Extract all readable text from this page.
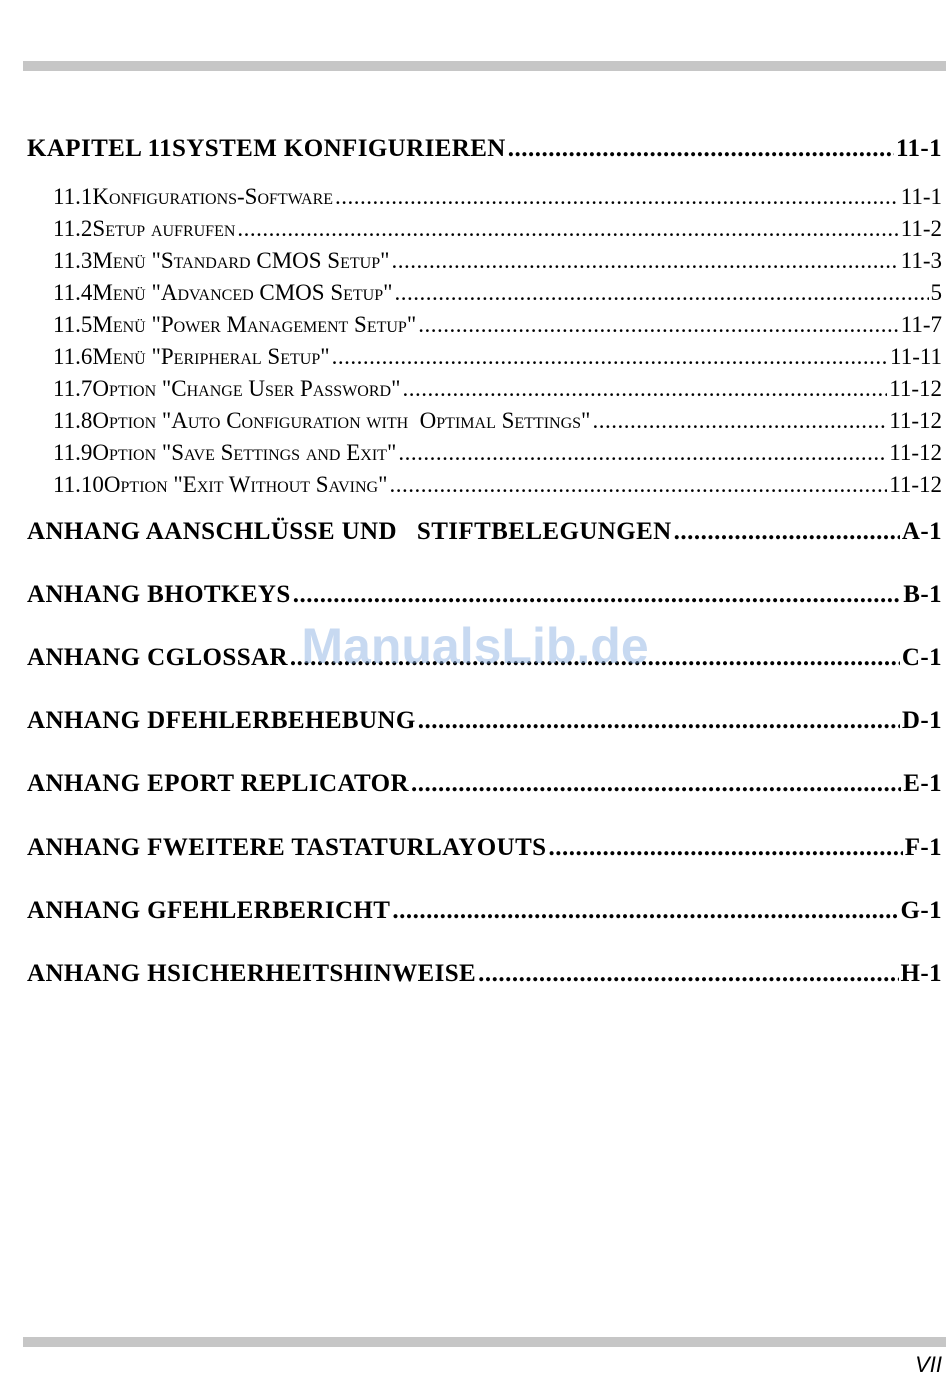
KAPITEL 11 SYSTEM KONFIGURIEREN .....	11-1
11.1 Konfigurations-Software .....	11-1
11.2 Setup aufrufen .....	11-2
11.3 Menü "Standard CMOS Setup" .....	11-3
11.4 Menü "Advanced CMOS Setup" .....	5
11.5 Menü "Power Management Setup" .....	11-7
11.6 Menü "Peripheral Setup" .....	11-11
11.7 Option "Change User Password" .....	11-12
11.8 Option "Auto Configuration with  Optimal Settings" .....	11-12
11.9 Option "Save Settings and Exit" .....	11-12
11.10 Option "Exit Without Saving" .....	11-12
ANHANG A ANSCHLÜSSE UND   STIFTBELEGUNGEN .....	A-1
ANHANG B HOTKEYS .....	B-1
ANHANG C GLOSSAR .....	C-1
ANHANG D FEHLERBEHEBUNG .....	D-1
ANHANG E PORT REPLICATOR .....	E-1
ANHANG F WEITERE TASTATURLAYOUTS .....	F-1
ANHANG G FEHLERBERICHT .....	G-1
ANHANG H SICHERHEITSHINWEISE .....	H-1
ManualsLib.de
VII
